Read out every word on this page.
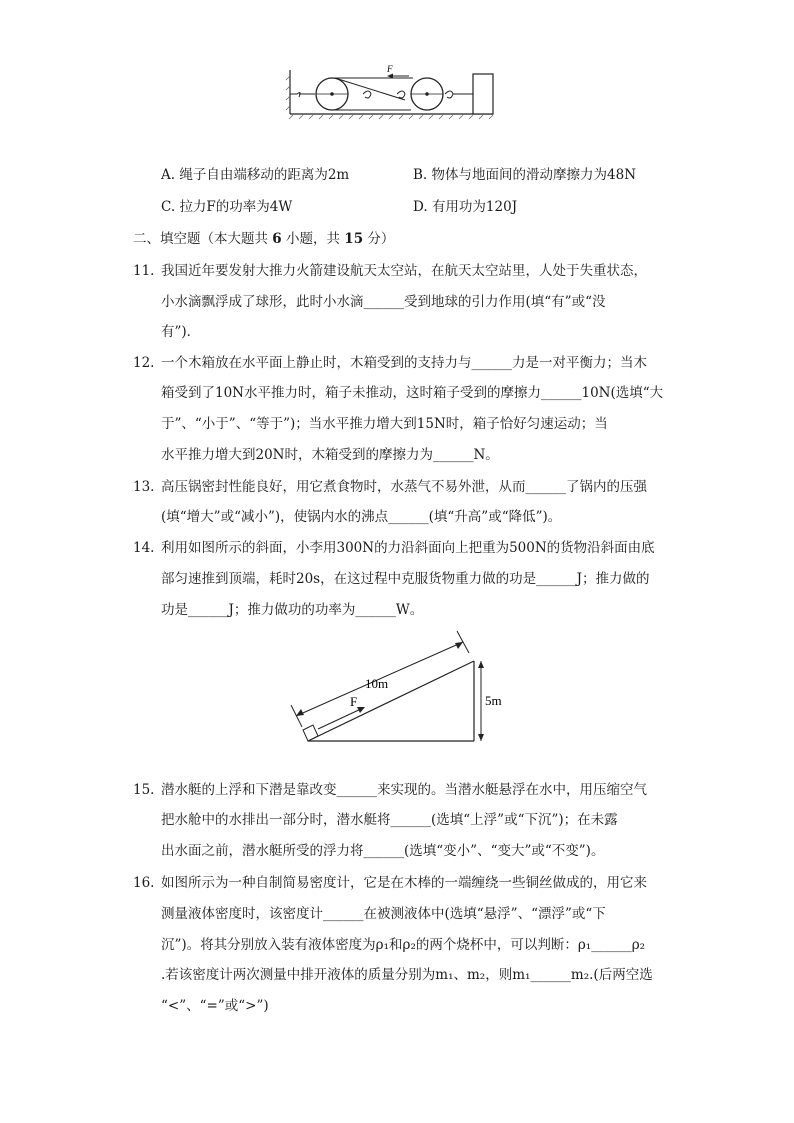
F
A. 绳子自由端移动的距离为2m	B. 物体与地面间的滑动摩擦力为48N
C. 拉力F的功率为4W	D. 有用功为120J
二、填空题（本大题共 6 小题，共 15 分）
11. 我国近年要发射大推力火箭建设航天太空站，在航天太空站里，人处于失重状态，
小水滴飘浮成了球形，此时小水滴______受到地球的引力作用(填“有”或“没
有”)．
12. 一个木箱放在水平面上静止时，木箱受到的支持力与______力是一对平衡力；当木
箱受到了10N水平推力时，箱子未推动，这时箱子受到的摩擦力______10N(选填“大
于”、“小于”、“等于”)；当水平推力增大到15N时，箱子恰好匀速运动；当
水平推力增大到20N时，木箱受到的摩擦力为______N。
13. 高压锅密封性能良好，用它煮食物时，水蒸气不易外泄，从而______了锅内的压强
(填“增大”或“减小”)，使锅内水的沸点______(填“升高”或“降低”)。
14. 利用如图所示的斜面，小李用300N的力沿斜面向上把重为500N的货物沿斜面由底
部匀速推到顶端，耗时20s，在这过程中克服货物重力做的功是______J；推力做的
功是______J；推力做功的功率为______W。
10m
F	5m
15. 潜水艇的上浮和下潜是靠改变______来实现的。当潜水艇悬浮在水中，用压缩空气
把水舱中的水排出一部分时，潜水艇将______(选填“上浮”或“下沉”)；在未露
出水面之前，潜水艇所受的浮力将______(选填“变小”、“变大”或“不变”)。
16. 如图所示为一种自制简易密度计，它是在木棒的一端缠绕一些铜丝做成的，用它来
测量液体密度时，该密度计______在被测液体中(选填“悬浮”、“漂浮”或“下
沉”)。将其分别放入装有液体密度为ρ₁和ρ₂的两个烧杯中，可以判断：ρ₁______ρ₂
.若该密度计两次测量中排开液体的质量分别为m₁、m₂，则m₁______m₂.(后两空选
“<”、“=”或“>”)
